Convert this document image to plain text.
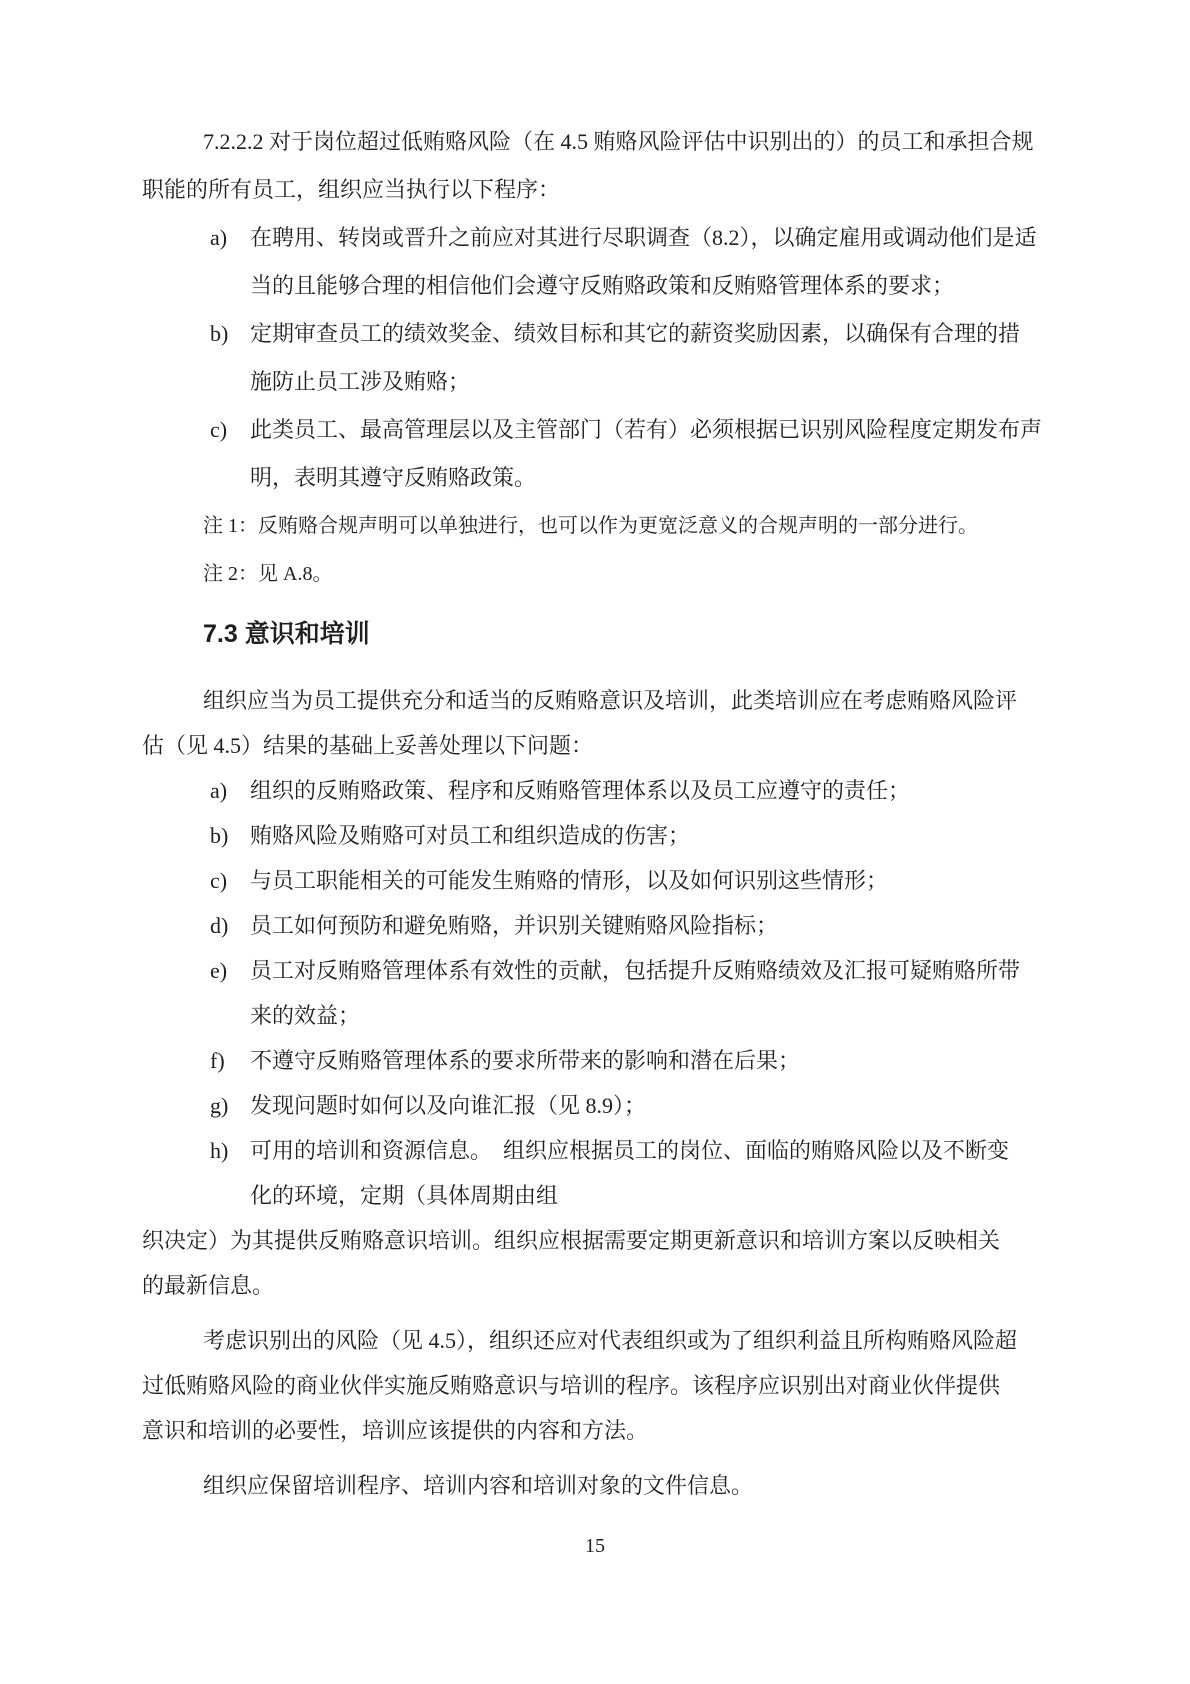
7.2.2.2 对于岗位超过低贿赂风险（在 4.5 贿赂风险评估中识别出的）的员工和承担合规
职能的所有员工，组织应当执行以下程序：
a) 在聘用、转岗或晋升之前应对其进行尽职调查（8.2），以确定雇用或调动他们是适
当的且能够合理的相信他们会遵守反贿赂政策和反贿赂管理体系的要求；
b) 定期审查员工的绩效奖金、绩效目标和其它的薪资奖励因素，以确保有合理的措
施防止员工涉及贿赂；
c) 此类员工、最高管理层以及主管部门（若有）必须根据已识别风险程度定期发布声
明，表明其遵守反贿赂政策。
注 1：反贿赂合规声明可以单独进行，也可以作为更宽泛意义的合规声明的一部分进行。
注 2：见 A.8。
7.3 意识和培训
组织应当为员工提供充分和适当的反贿赂意识及培训，此类培训应在考虑贿赂风险评
估（见 4.5）结果的基础上妥善处理以下问题：
a) 组织的反贿赂政策、程序和反贿赂管理体系以及员工应遵守的责任；
b) 贿赂风险及贿赂可对员工和组织造成的伤害；
c) 与员工职能相关的可能发生贿赂的情形，以及如何识别这些情形；
d) 员工如何预防和避免贿赂，并识别关键贿赂风险指标；
e) 员工对反贿赂管理体系有效性的贡献，包括提升反贿赂绩效及汇报可疑贿赂所带
来的效益；
f) 不遵守反贿赂管理体系的要求所带来的影响和潜在后果；
g) 发现问题时如何以及向谁汇报（见 8.9）；
h) 可用的培训和资源信息。　组织应根据员工的岗位、面临的贿赂风险以及不断变
化的环境，定期（具体周期由组
织决定）为其提供反贿赂意识培训。组织应根据需要定期更新意识和培训方案以反映相关
的最新信息。
考虑识别出的风险（见 4.5），组织还应对代表组织或为了组织利益且所构贿赂风险超
过低贿赂风险的商业伙伴实施反贿赂意识与培训的程序。该程序应识别出对商业伙伴提供
意识和培训的必要性，培训应该提供的内容和方法。
组织应保留培训程序、培训内容和培训对象的文件信息。
15
